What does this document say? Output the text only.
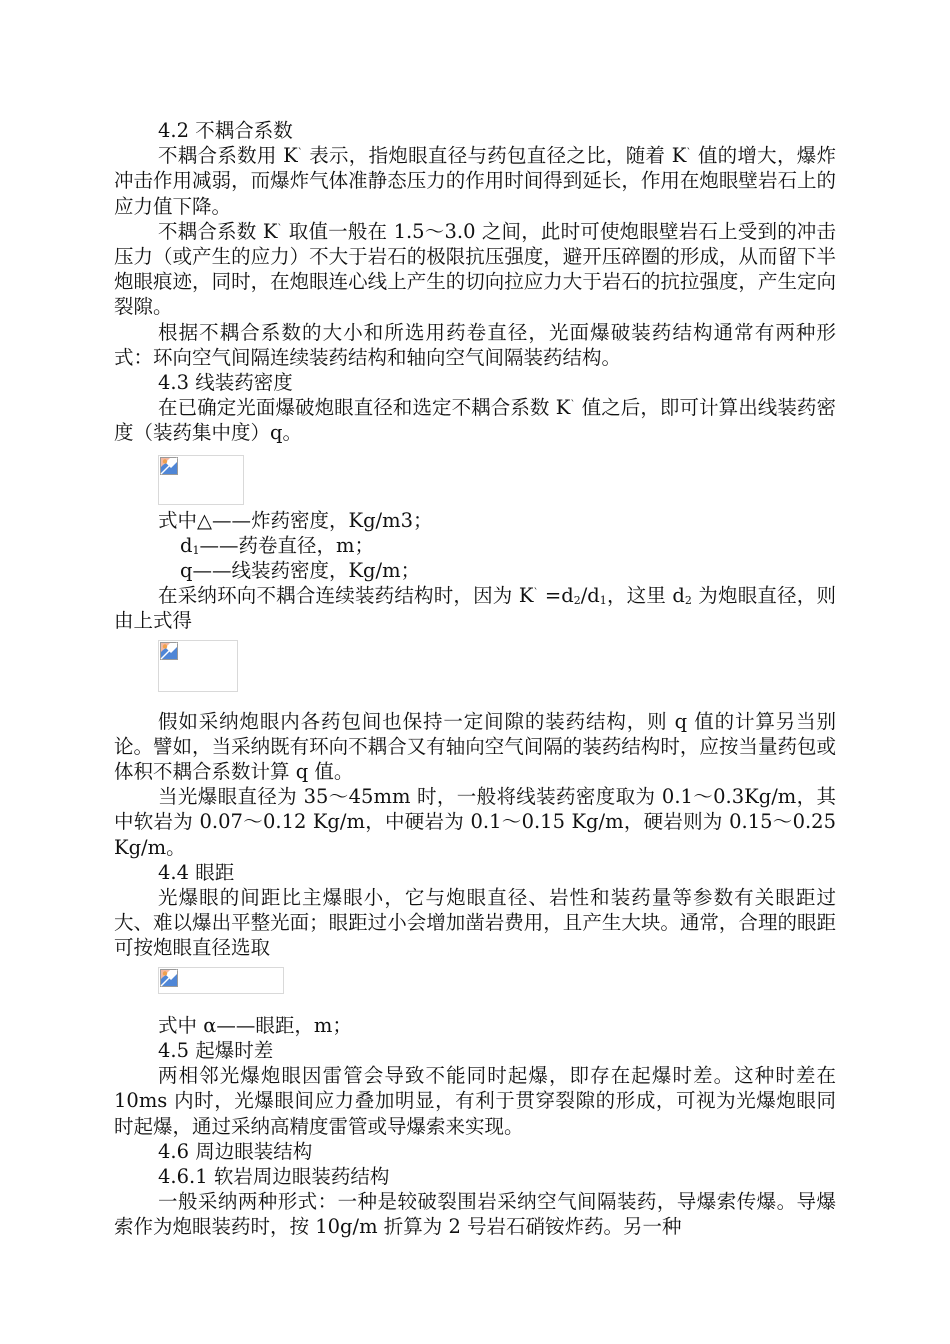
4.2 不耦合系数
不耦合系数用 K` 表示，指炮眼直径与药包直径之比，随着 K` 值的增大，爆炸冲击作用减弱，而爆炸气体准静态压力的作用时间得到延长，作用在炮眼壁岩石上的应力值下降。
不耦合系数 K` 取值一般在 1.5～3.0 之间，此时可使炮眼壁岩石上受到的冲击压力（或产生的应力）不大于岩石的极限抗压强度，避开压碎圈的形成，从而留下半炮眼痕迹，同时，在炮眼连心线上产生的切向拉应力大于岩石的抗拉强度，产生定向裂隙。
根据不耦合系数的大小和所选用药卷直径，光面爆破装药结构通常有两种形式：环向空气间隔连续装药结构和轴向空气间隔装药结构。
4.3 线装药密度
在已确定光面爆破炮眼直径和选定不耦合系数 K` 值之后，即可计算出线装药密度（装药集中度）q。
式中△——炸药密度，Kg/m3；
$d_1——$药卷直径，m；
q——线装药密度，Kg/m；
在采纳环向不耦合连续装药结构时，因为 $K^` =d_2/d_1$，这里 $d_2$ 为炮眼直径，则由上式得
假如采纳炮眼内各药包间也保持一定间隙的装药结构，则 q 值的计算另当别论。譬如，当采纳既有环向不耦合又有轴向空气间隔的装药结构时，应按当量药包或体积不耦合系数计算 q 值。
当光爆眼直径为 35～45mm 时，一般将线装药密度取为 0.1～0.3Kg/m，其中软岩为 0.07～0.12 Kg/m，中硬岩为 0.1～0.15 Kg/m，硬岩则为 0.15～0.25 Kg/m。
4.4 眼距
光爆眼的间距比主爆眼小，它与炮眼直径、岩性和装药量等参数有关眼距过大、难以爆出平整光面；眼距过小会增加凿岩费用，且产生大块。通常，合理的眼距可按炮眼直径选取
式中 α——眼距，m；
4.5 起爆时差
两相邻光爆炮眼因雷管会导致不能同时起爆，即存在起爆时差。这种时差在 10ms 内时，光爆眼间应力叠加明显，有利于贯穿裂隙的形成，可视为光爆炮眼同时起爆，通过采纳高精度雷管或导爆索来实现。
4.6 周边眼装结构
4.6.1 软岩周边眼装药结构
一般采纳两种形式：一种是较破裂围岩采纳空气间隔装药，导爆索传爆。导爆索作为炮眼装药时，按 10g/m 折算为 2 号岩石硝铵炸药。另一种
